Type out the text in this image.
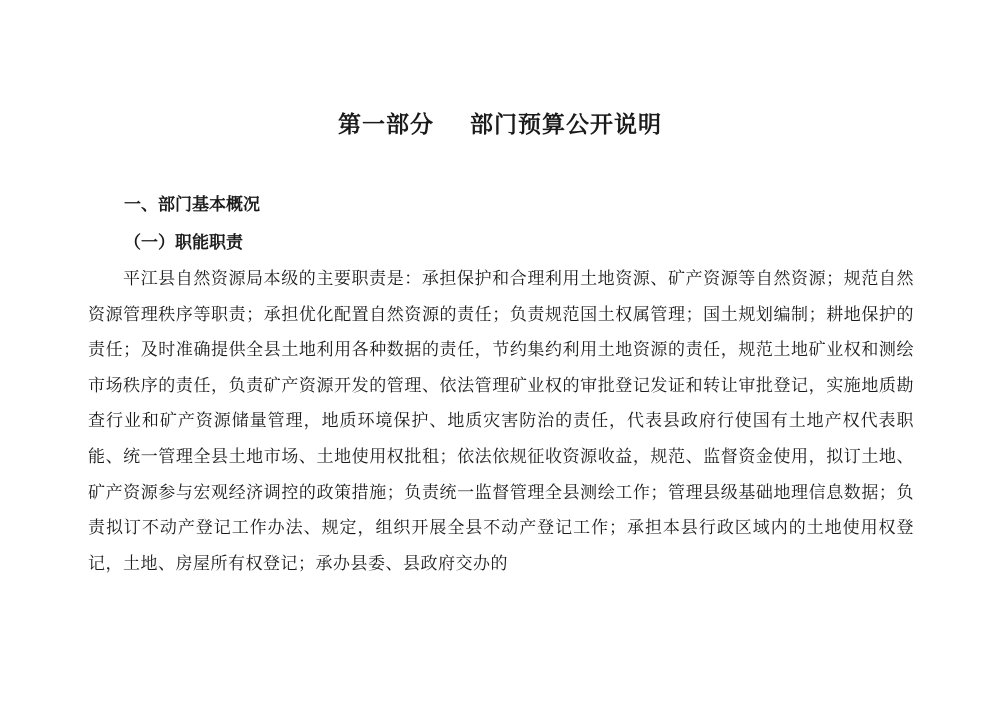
第一部分    部门预算公开说明
一、部门基本概况
（一）职能职责
平江县自然资源局本级的主要职责是：承担保护和合理利用土地资源、矿产资源等自然资源；规范自然资源管理秩序等职责；承担优化配置自然资源的责任；负责规范国土权属管理；国土规划编制；耕地保护的责任；及时准确提供全县土地利用各种数据的责任，节约集约利用土地资源的责任，规范土地矿业权和测绘市场秩序的责任，负责矿产资源开发的管理、依法管理矿业权的审批登记发证和转让审批登记，实施地质勘查行业和矿产资源储量管理，地质环境保护、地质灾害防治的责任，代表县政府行使国有土地产权代表职能、统一管理全县土地市场、土地使用权批租；依法依规征收资源收益，规范、监督资金使用，拟订土地、矿产资源参与宏观经济调控的政策措施；负责统一监督管理全县测绘工作；管理县级基础地理信息数据；负责拟订不动产登记工作办法、规定，组织开展全县不动产登记工作；承担本县行政区域内的土地使用权登记，土地、房屋所有权登记；承办县委、县政府交办的
